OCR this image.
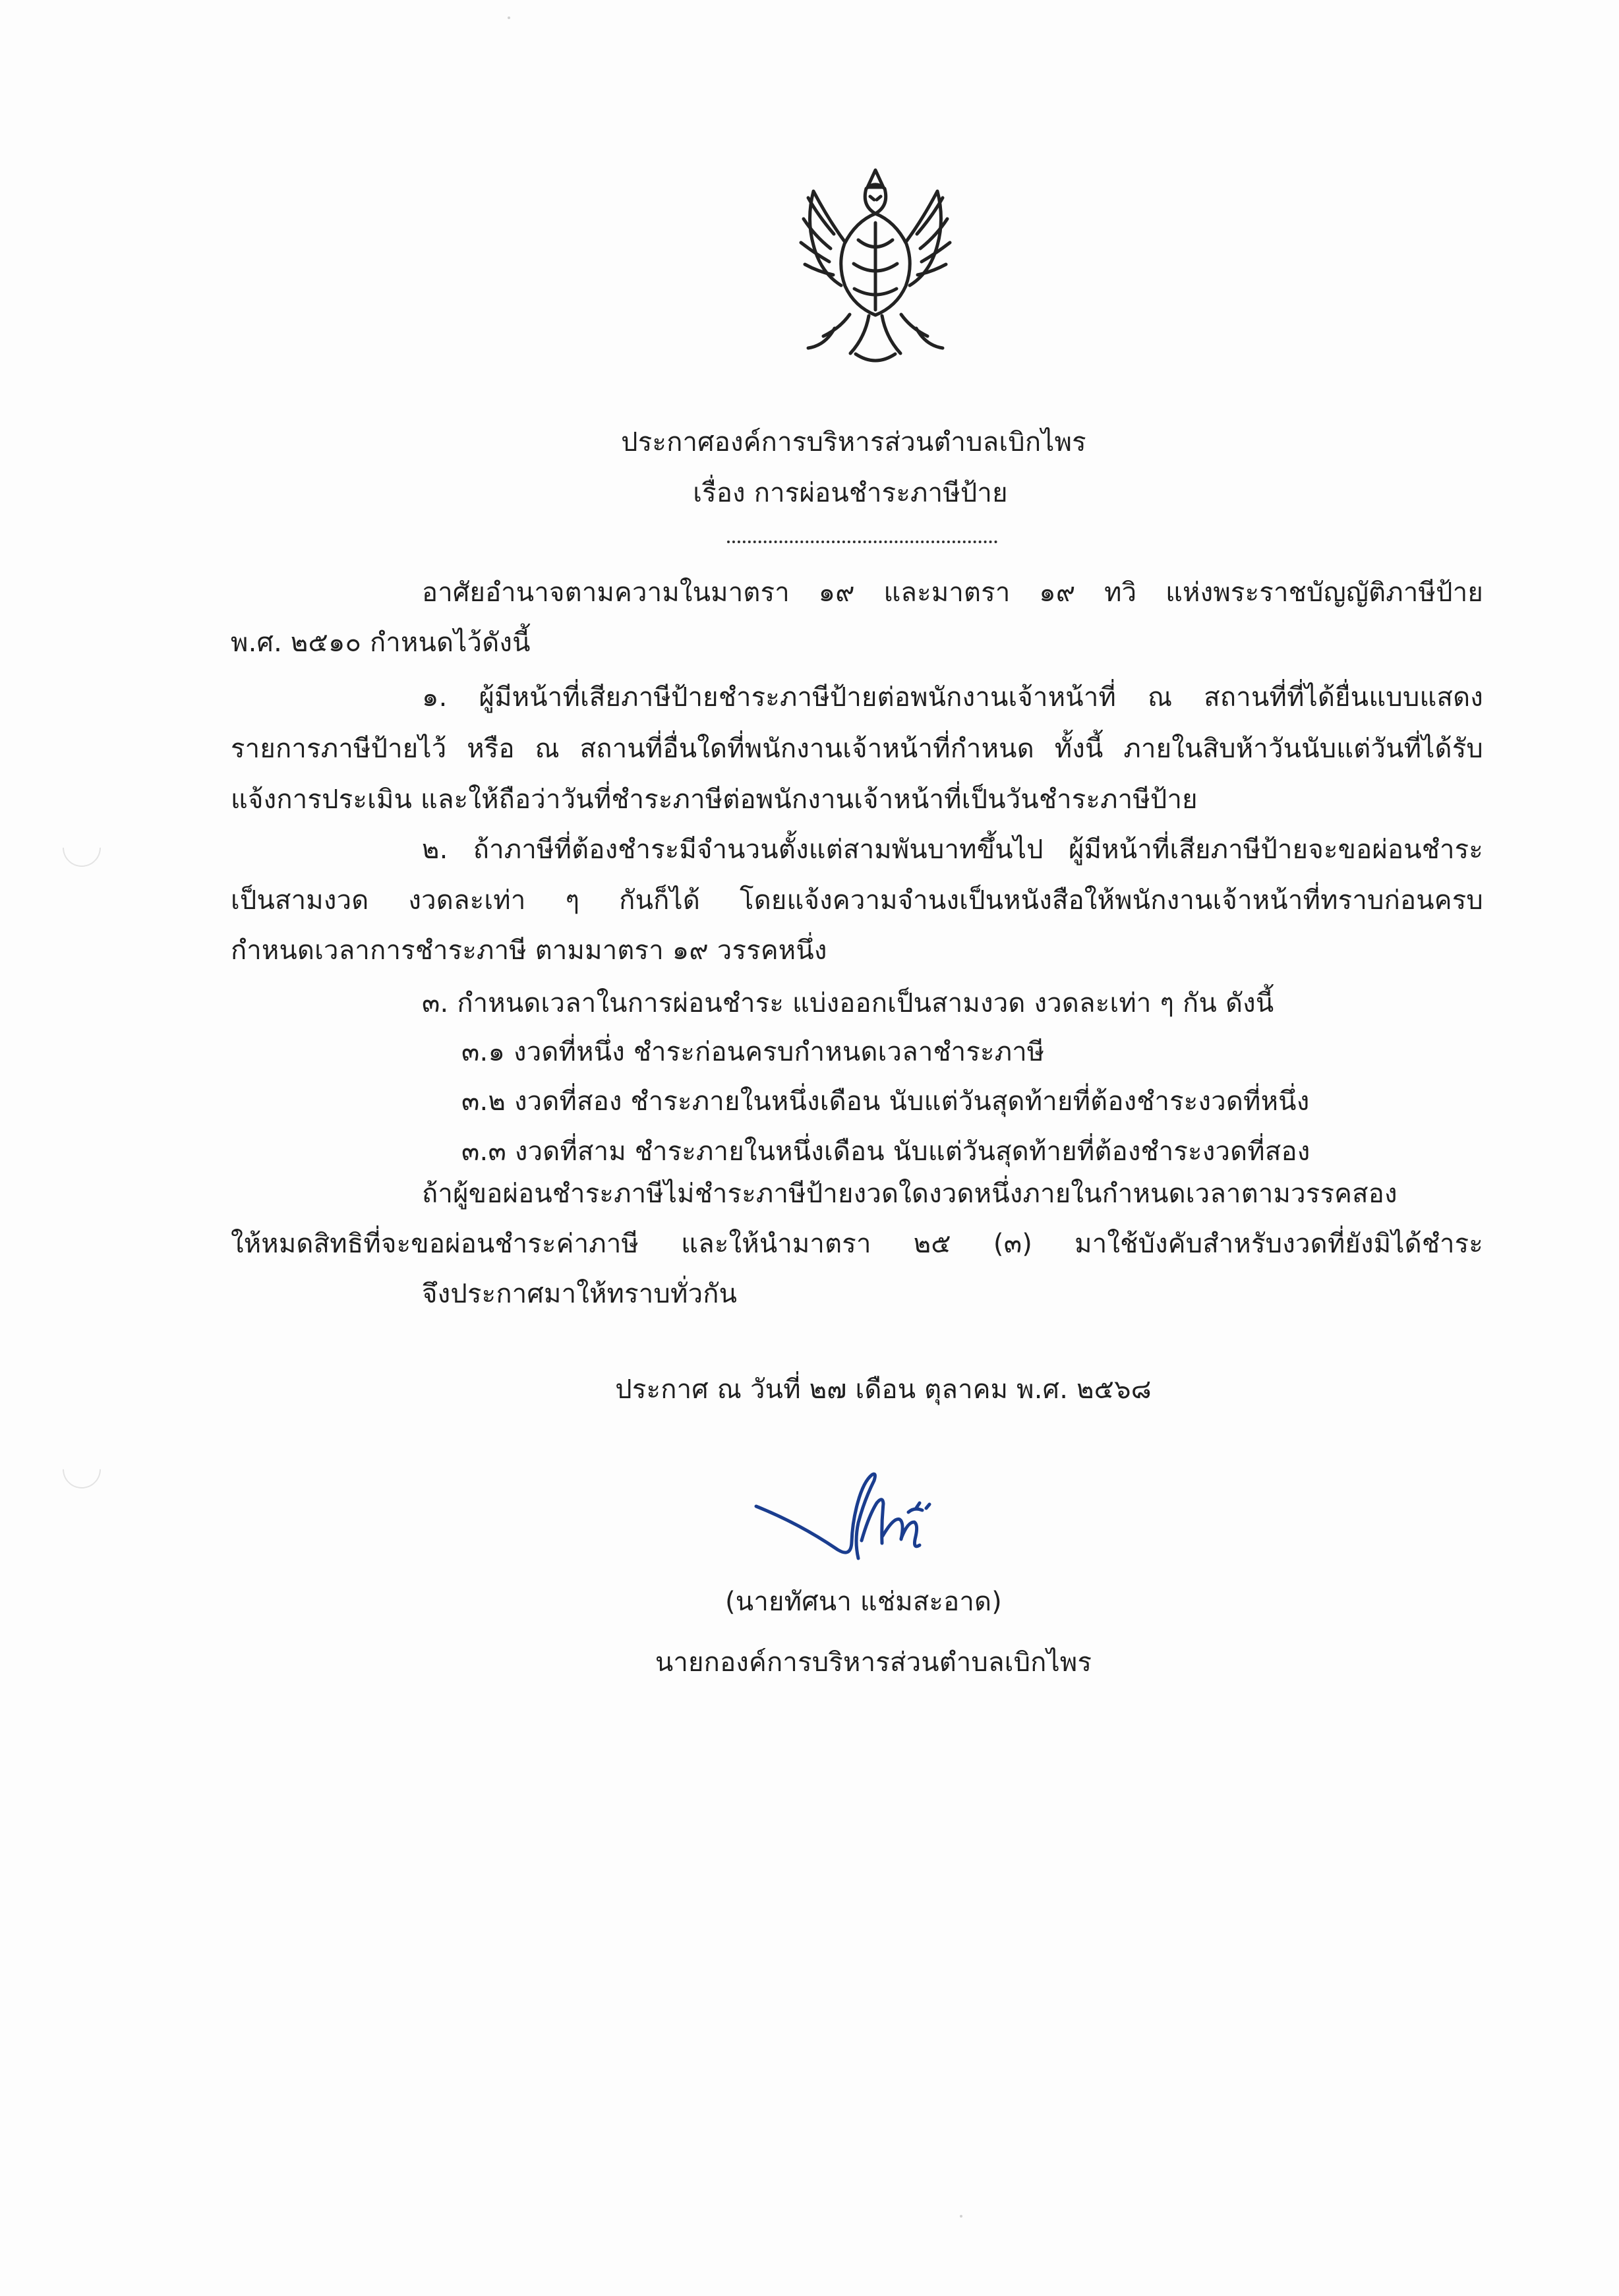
ประกาศองค์การบริหารส่วนตำบลเบิกไพร
เรื่อง การผ่อนชำระภาษีป้าย
อาศัยอำนาจตามความในมาตรา ๑๙ และมาตรา ๑๙ ทวิ แห่งพระราชบัญญัติภาษีป้าย
พ.ศ. ๒๕๑๐ กำหนดไว้ดังนี้
๑. ผู้มีหน้าที่เสียภาษีป้ายชำระภาษีป้ายต่อพนักงานเจ้าหน้าที่ ณ สถานที่ที่ได้ยื่นแบบแสดง
รายการภาษีป้ายไว้ หรือ ณ สถานที่อื่นใดที่พนักงานเจ้าหน้าที่กำหนด ทั้งนี้ ภายในสิบห้าวันนับแต่วันที่ได้รับ
แจ้งการประเมิน และให้ถือว่าวันที่ชำระภาษีต่อพนักงานเจ้าหน้าที่เป็นวันชำระภาษีป้าย
๒. ถ้าภาษีที่ต้องชำระมีจำนวนตั้งแต่สามพันบาทขึ้นไป ผู้มีหน้าที่เสียภาษีป้ายจะขอผ่อนชำระ
เป็นสามงวด งวดละเท่า ๆ กันก็ได้ โดยแจ้งความจำนงเป็นหนังสือให้พนักงานเจ้าหน้าที่ทราบก่อนครบ
กำหนดเวลาการชำระภาษี ตามมาตรา ๑๙ วรรคหนึ่ง
๓. กำหนดเวลาในการผ่อนชำระ แบ่งออกเป็นสามงวด งวดละเท่า ๆ กัน ดังนี้
๓.๑ งวดที่หนึ่ง ชำระก่อนครบกำหนดเวลาชำระภาษี
๓.๒ งวดที่สอง ชำระภายในหนึ่งเดือน นับแต่วันสุดท้ายที่ต้องชำระงวดที่หนึ่ง
๓.๓ งวดที่สาม ชำระภายในหนึ่งเดือน นับแต่วันสุดท้ายที่ต้องชำระงวดที่สอง
ถ้าผู้ขอผ่อนชำระภาษีไม่ชำระภาษีป้ายงวดใดงวดหนึ่งภายในกำหนดเวลาตามวรรคสอง
ให้หมดสิทธิที่จะขอผ่อนชำระค่าภาษี และให้นำมาตรา ๒๕ (๓) มาใช้บังคับสำหรับงวดที่ยังมิได้ชำระ
จึงประกาศมาให้ทราบทั่วกัน
ประกาศ ณ วันที่ ๒๗ เดือน ตุลาคม พ.ศ. ๒๕๖๘
(นายทัศนา แช่มสะอาด)
นายกองค์การบริหารส่วนตำบลเบิกไพร
